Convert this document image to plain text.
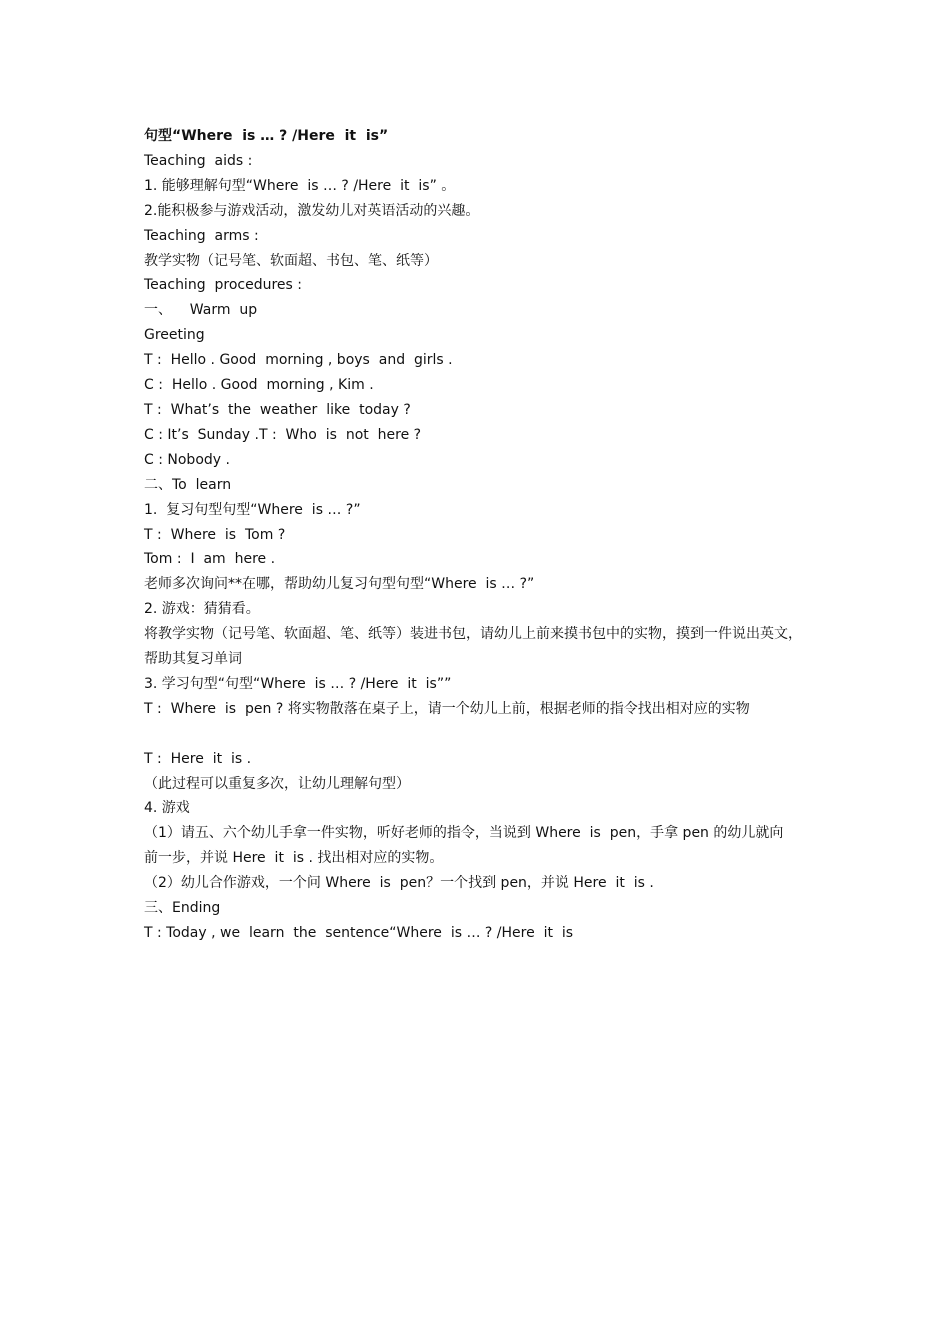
句型“Where  is … ? /Here  it  is”

Teaching  aids :

1. 能够理解句型“Where  is … ? /Here  it  is” 。

2.能积极参与游戏活动，激发幼儿对英语活动的兴趣。

Teaching  arms :

教学实物（记号笔、软面超、书包、笔、纸等）

Teaching  procedures :

一、    Warm  up

Greeting

T :  Hello . Good  morning , boys  and  girls .

C :  Hello . Good  morning , Kim .

T :  What’s  the  weather  like  today ?

C : It’s  Sunday .T :  Who  is  not  here ?

C : Nobody .

二、To  learn

1.  复习句型句型“Where  is … ?”

T :  Where  is  Tom ?

Tom :  I  am  here .

老师多次询问**在哪，帮助幼儿复习句型句型“Where  is … ?”

2. 游戏：猜猜看。

将教学实物（记号笔、软面超、笔、纸等）装进书包，请幼儿上前来摸书包中的实物，摸到一件说出英文，

帮助其复习单词

3. 学习句型“句型“Where  is … ? /Here  it  is””

T :  Where  is  pen ? 将实物散落在桌子上，请一个幼儿上前，根据老师的指令找出相对应的实物

T :  Here  it  is .

（此过程可以重复多次，让幼儿理解句型）

4. 游戏

（1）请五、六个幼儿手拿一件实物，听好老师的指令，当说到 Where  is  pen，手拿 pen 的幼儿就向

前一步，并说 Here  it  is . 找出相对应的实物。

（2）幼儿合作游戏，一个问 Where  is  pen？一个找到 pen，并说 Here  it  is .

三、Ending

T : Today , we  learn  the  sentence“Where  is … ? /Here  it  is
